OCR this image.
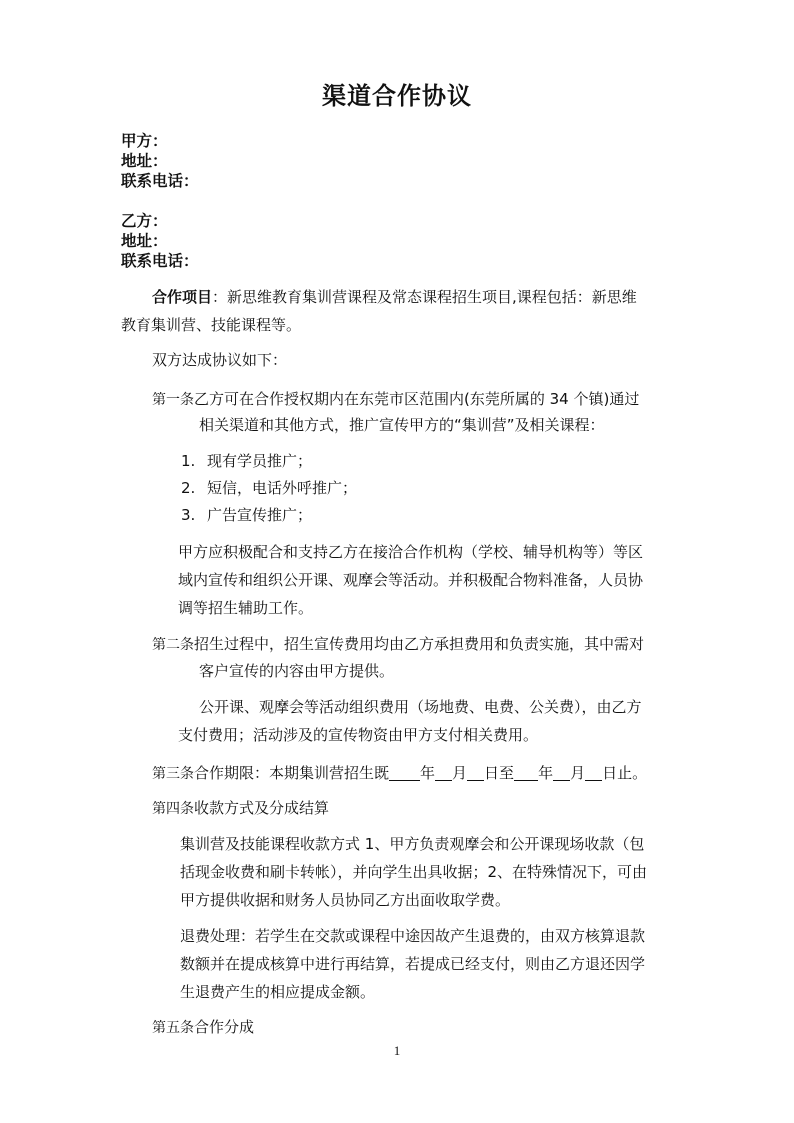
渠道合作协议
甲方：
地址：
联系电话：
乙方：
地址：
联系电话：
合作项目：新思维教育集训营课程及常态课程招生项目,课程包括：新思维
教育集训营、技能课程等。
双方达成协议如下：
第一条乙方可在合作授权期内在东莞市区范围内(东莞所属的 34 个镇)通过
相关渠道和其他方式，推广宣传甲方的“集训营”及相关课程：
1. 现有学员推广；
2. 短信，电话外呼推广；
3. 广告宣传推广；
甲方应积极配合和支持乙方在接洽合作机构（学校、辅导机构等）等区
域内宣传和组织公开课、观摩会等活动。并积极配合物料准备，人员协
调等招生辅助工作。
第二条招生过程中，招生宣传费用均由乙方承担费用和负责实施，其中需对
客户宣传的内容由甲方提供。
公开课、观摩会等活动组织费用（场地费、电费、公关费），由乙方
支付费用；活动涉及的宣传物资由甲方支付相关费用。
第三条合作期限：本期集训营招生既 年 月 日至 年 月 日止。
第四条收款方式及分成结算
集训营及技能课程收款方式 1、甲方负责观摩会和公开课现场收款（包
括现金收费和刷卡转帐），并向学生出具收据；2、在特殊情况下，可由
甲方提供收据和财务人员协同乙方出面收取学费。
退费处理：若学生在交款或课程中途因故产生退费的，由双方核算退款
数额并在提成核算中进行再结算，若提成已经支付，则由乙方退还因学
生退费产生的相应提成金额。
第五条合作分成
1
